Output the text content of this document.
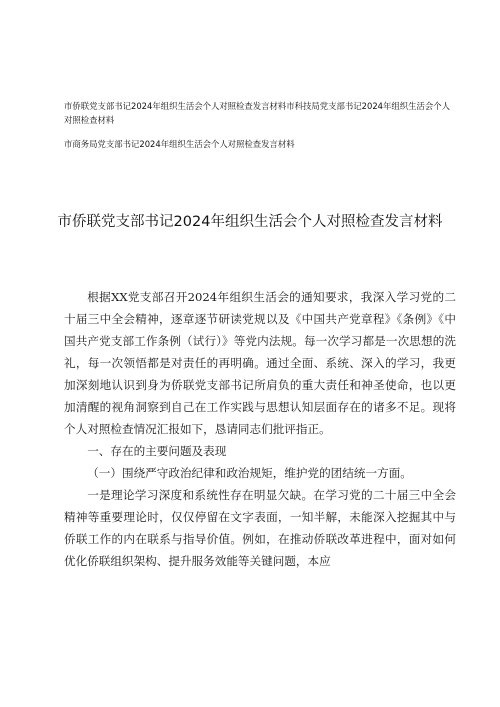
市侨联党支部书记2024年组织生活会个人对照检查发言材料市科技局党支部书记2024年组织生活会个人对照检查材料

市商务局党支部书记2024年组织生活会个人对照检查发言材料

市侨联党支部书记2024年组织生活会个人对照检查发言材料

根据XX党支部召开2024年组织生活会的通知要求，我深入学习党的二十届三中全会精神，逐章逐节研读党规以及《中国共产党章程》《条例》《中国共产党支部工作条例（试行）》等党内法规。每一次学习都是一次思想的洗礼，每一次领悟都是对责任的再明确。通过全面、系统、深入的学习，我更加深刻地认识到身为侨联党支部书记所肩负的重大责任和神圣使命，也以更加清醒的视角洞察到自己在工作实践与思想认知层面存在的诸多不足。现将个人对照检查情况汇报如下，恳请同志们批评指正。

一、存在的主要问题及表现

（一）围绕严守政治纪律和政治规矩，维护党的团结统一方面。

一是理论学习深度和系统性存在明显欠缺。在学习党的二十届三中全会精神等重要理论时，仅仅停留在文字表面，一知半解，未能深入挖掘其中与侨联工作的内在联系与指导价值。例如，在推动侨联改革进程中，面对如何优化侨联组织架构、提升服务效能等关键问题，本应
